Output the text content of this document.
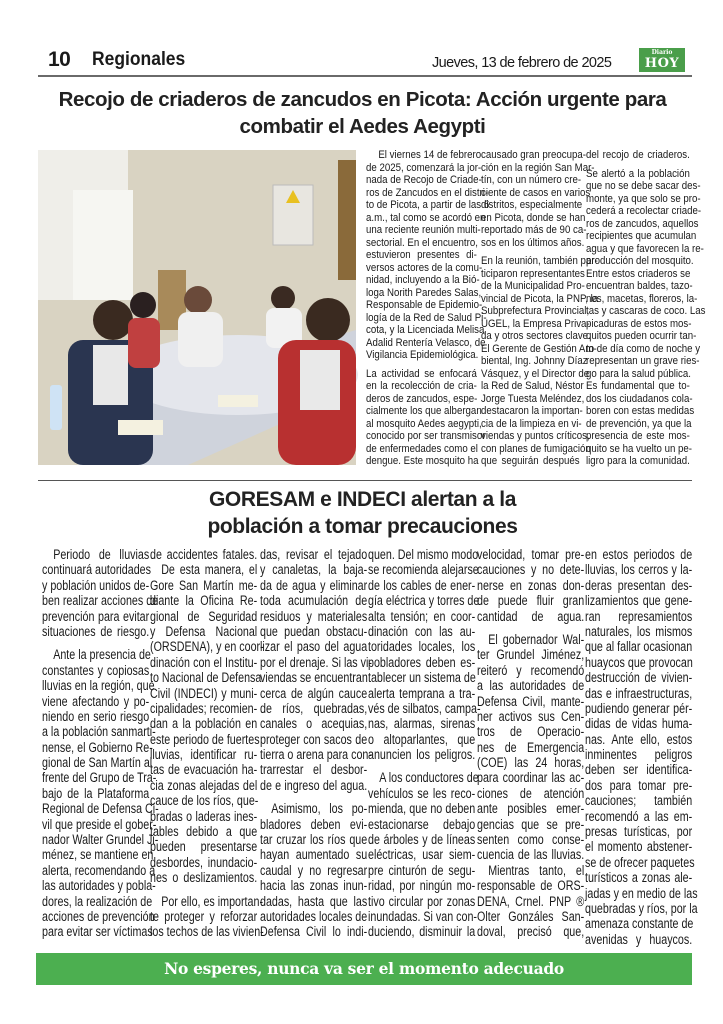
10 Regionales	Jueves, 13 de febrero de 2025
Diario
HOY
Recojo de criaderos de zancudos en Picota: Acción urgente para
combatir el Aedes Aegypti
El viernes 14 de febrero
de 2025, comenzará la jor-
nada de Recojo de Criade-
ros de Zancudos en el distri-
to de Picota, a partir de las 6
a.m., tal como se acordó en
una reciente reunión multi-
sectorial. En el encuentro,
estuvieron presentes di-
versos actores de la comu-
nidad, incluyendo a la Bió-
loga Norith Paredes Salas,
Responsable de Epidemio-
logía de la Red de Salud Pi-
cota, y la Licenciada Melisa
Adalid Rentería Velasco, de
Vigilancia Epidemiológica.
La actividad se enfocará
en la recolección de cria-
deros de zancudos, espe-
cialmente los que albergan
al mosquito Aedes aegypti,
conocido por ser transmisor
de enfermedades como el
dengue. Este mosquito ha
causado gran preocupa-
ción en la región San Mar-
tín, con un número cre-
ciente de casos en varios
distritos, especialmente
en Picota, donde se han
reportado más de 90 ca-
sos en los últimos años.
En la reunión, también par-
ticiparon representantes
de la Municipalidad Pro-
vincial de Picota, la PNP, la
Subprefectura Provincial,
UGEL, la Empresa Priva-
da y otros sectores clave.
El Gerente de Gestión Am-
biental, Ing. Johnny Díaz
Vásquez, y el Director de
la Red de Salud, Néstor
Jorge Tuesta Meléndez,
destacaron la importan-
cia de la limpieza en vi-
viendas y puntos críticos,
con planes de fumigación
que seguirán después
del recojo de criaderos.
Se alertó a la población
que no se debe sacar des-
monte, ya que solo se pro-
cederá a recolectar criade-
ros de zancudos, aquellos
recipientes que acumulan
agua y que favorecen la re-
producción del mosquito.
Entre estos criaderos se
encuentran baldes, tazo-
nes, macetas, floreros, la-
tas y cascaras de coco. Las
picaduras de estos mos-
quitos pueden ocurrir tan-
to de día como de noche y
representan un grave ries-
go para la salud pública.
Es fundamental que to-
dos los ciudadanos cola-
boren con estas medidas
de prevención, ya que la
presencia de este mos-
quito se ha vuelto un pe-
ligro para la comunidad.
GORESAM e INDECI alertan a la
población a tomar precauciones
Periodo de lluvias
continuará autoridades
y población unidos de-
ben realizar acciones de
prevención para evitar
situaciones de riesgo.
Ante la presencia de
constantes y copiosas
lluvias en la región, que
viene afectando y po-
niendo en serio riesgo
a la población sanmarti-
nense, el Gobierno Re-
gional de San Martín al
frente del Grupo de Tra-
bajo de la Plataforma
Regional de Defensa Ci-
vil que preside el gober-
nador Walter Grundel Ji-
ménez, se mantiene en
alerta, recomendando a
las autoridades y pobla-
dores, la realización de
acciones de prevención
para evitar ser víctimas
de accidentes fatales.
De esta manera, el
Gore San Martín me-
diante la Oficina Re-
gional de Seguridad
y Defensa Nacional
(ORSDENA), y en coor-
dinación con el Institu-
to Nacional de Defensa
Civil (INDECI) y muni-
cipalidades; recomien-
dan a la población en
este periodo de fuertes
lluvias, identificar ru-
tas de evacuación ha-
cia zonas alejadas del
cauce de los ríos, que-
bradas o laderas ines-
tables debido a que
pueden presentarse
desbordes, inundacio-
nes o deslizamientos.
Por ello, es importan-
te proteger y reforzar
los techos de las vivien-
das, revisar el tejado
y canaletas, la baja-
da de agua y eliminar
toda acumulación de
residuos y materiales
que puedan obstacu-
lizar el paso del agua
por el drenaje. Si las vi-
viendas se encuentran
cerca de algún cauce
de ríos, quebradas,
canales o acequias,
proteger con sacos de
tierra o arena para con-
trarrestar el desbor-
de e ingreso del agua.
Asimismo, los po-
bladores deben evi-
tar cruzar los ríos que
hayan aumentado su
caudal y no regresar
hacia las zonas inun-
dadas, hasta que las
autoridades locales de
Defensa Civil lo indi-
quen. Del mismo modo
se recomienda alejarse
de los cables de ener-
gía eléctrica y torres de
alta tensión; en coor-
dinación con las au-
toridades locales, los
pobladores deben es-
tablecer un sistema de
alerta temprana a tra-
vés de silbatos, campa-
nas, alarmas, sirenas
o altoparlantes, que
anuncien los peligros.
A los conductores de
vehículos se les reco-
mienda, que no deben
estacionarse debajo
de árboles y de líneas
eléctricas, usar siem-
pre cinturón de segu-
ridad, por ningún mo-
tivo circular por zonas
inundadas. Si van con-
duciendo, disminuir la
velocidad, tomar pre-
cauciones y no dete-
nerse en zonas don-
de puede fluir gran
cantidad de agua.
El gobernador Wal-
ter Grundel Jiménez,
reiteró y recomendó
a las autoridades de
Defensa Civil, mante-
ner activos sus Cen-
tros de Operacio-
nes de Emergencia
(COE) las 24 horas,
para coordinar las ac-
ciones de atención
ante posibles emer-
gencias que se pre-
senten como conse-
cuencia de las lluvias.
Mientras tanto, el
responsable de ORS-
DENA, Crnel. PNP ®
Olter Gonzáles San-
doval, precisó que,
en estos periodos de
lluvias, los cerros y la-
deras presentan des-
lizamientos que gene-
ran represamientos
naturales, los mismos
que al fallar ocasionan
huaycos que provocan
destrucción de vivien-
das e infraestructuras,
pudiendo generar pér-
didas de vidas huma-
nas. Ante ello, estos
inminentes peligros
deben ser identifica-
dos para tomar pre-
cauciones; también
recomendó a las em-
presas turísticas, por
el momento abstener-
se de ofrecer paquetes
turísticos a zonas ale-
jadas y en medio de las
quebradas y ríos, por la
amenaza constante de
avenidas y huaycos.
No esperes, nunca va ser el momento adecuado
